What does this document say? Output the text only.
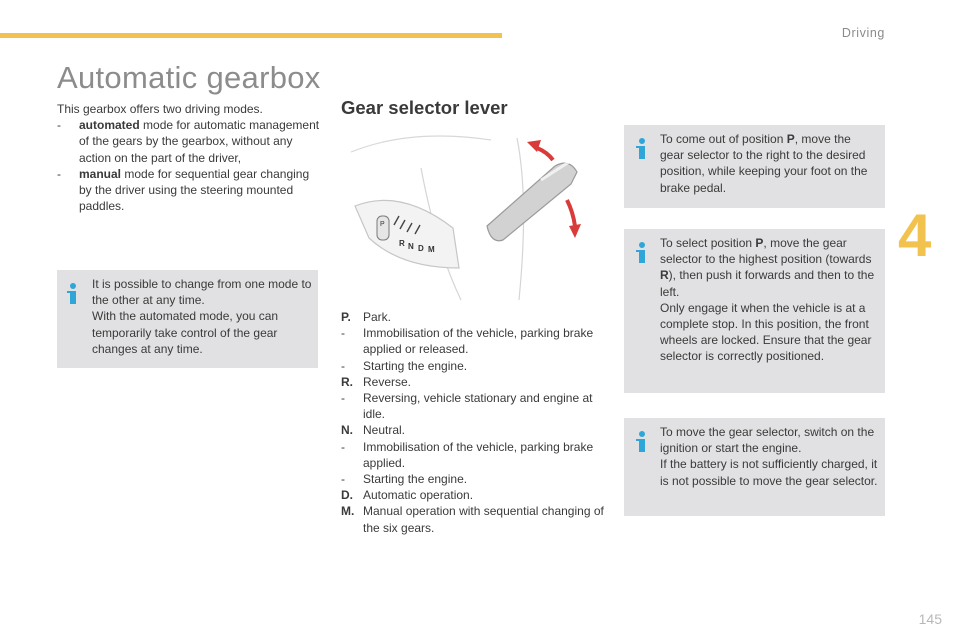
Driving
4
145
Automatic gearbox
This gearbox offers two driving modes.
-	automated mode for automatic management of the gears by the gearbox, without any action on the part of the driver,
-	manual mode for sequential gear changing by the driver using the steering mounted paddles.

It is possible to change from one mode to the other at any time.

With the automated mode, you can temporarily take control of the gear changes at any time.

Gear selector lever
P
R N D M
P.	Park.
-	Immobilisation of the vehicle, parking brake applied or released.
-	Starting the engine.
R. Reverse.
-	Reversing, vehicle stationary and engine at idle.
N. Neutral.
-	Immobilisation of the vehicle, parking brake applied.
-	Starting the engine.
D. Automatic operation.
M. Manual operation with sequential changing of the six gears.

To come out of position P, move the gear selector to the right to the desired position, while keeping your foot on the brake pedal.

To select position P, move the gear selector to the highest position (towards R), then push it forwards and then to the left.

Only engage it when the vehicle is at a complete stop. In this position, the front wheels are locked. Ensure that the gear selector is correctly positioned.

To move the gear selector, switch on the ignition or start the engine.

If the battery is not sufficiently charged, it is not possible to move the gear selector.
